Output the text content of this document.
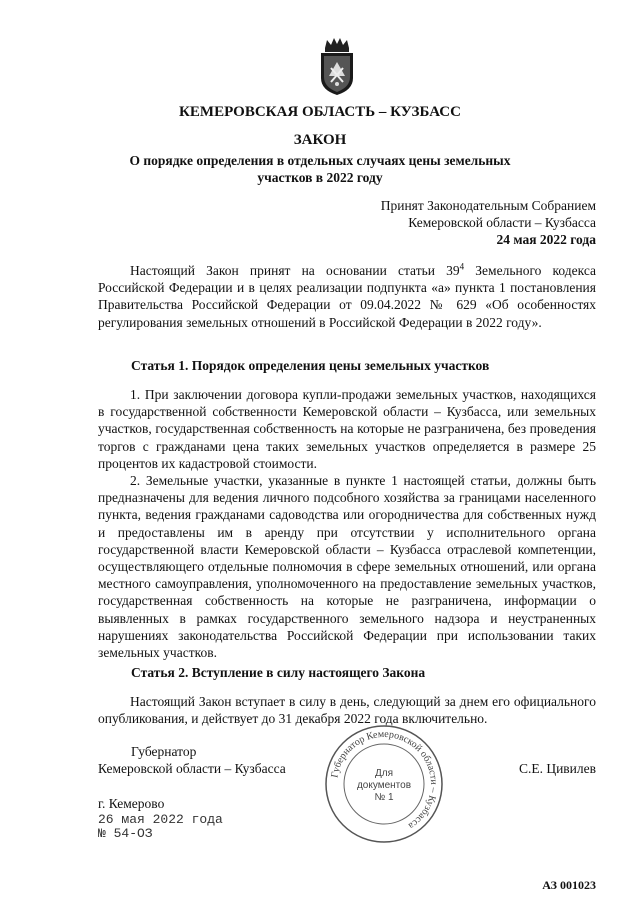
КЕМЕРОВСКАЯ ОБЛАСТЬ – КУЗБАСС
ЗАКОН
О порядке определения в отдельных случаях цены земельных
участков в 2022 году
Принят Законодательным Собранием
Кемеровской области – Кузбасса
24 мая 2022 года
Настоящий Закон принят на основании статьи $39^4$ Земельного кодекса Российской Федерации и в целях реализации подпункта «а» пункта 1 постановления Правительства Российской Федерации от 09.04.2022 № 629 «Об особенностях регулирования земельных отношений в Российской Федерации в 2022 году».
Статья 1. Порядок определения цены земельных участков
1. При заключении договора купли-продажи земельных участков, находящихся в государственной собственности Кемеровской области – Кузбасса, или земельных участков, государственная собственность на которые не разграничена, без проведения торгов с гражданами цена таких земельных участков определяется в размере 25 процентов их кадастровой стоимости.
2. Земельные участки, указанные в пункте 1 настоящей статьи, должны быть предназначены для ведения личного подсобного хозяйства за границами населенного пункта, ведения гражданами садоводства или огородничества для собственных нужд и предоставлены им в аренду при отсутствии у исполнительного органа государственной власти Кемеровской области – Кузбасса отраслевой компетенции, осуществляющего отдельные полномочия в сфере земельных отношений, или органа местного самоуправления, уполномоченного на предоставление земельных участков, государственная собственность на которые не разграничена, информации о выявленных в рамках государственного земельного надзора и неустраненных нарушениях законодательства Российской Федерации при использовании таких земельных участков.
Статья 2. Вступление в силу настоящего Закона
Настоящий Закон вступает в силу в день, следующий за днем его официального опубликования, и действует до 31 декабря 2022 года включительно.
Губернатор
Кемеровской области – Кузбасса	С.Е. Цивилев
Губернатор Кемеровской области – Кузбасса
Для
документов
№ 1
г. Кемерово
26 мая 2022 года
№ 54-ОЗ
АЗ 001023
